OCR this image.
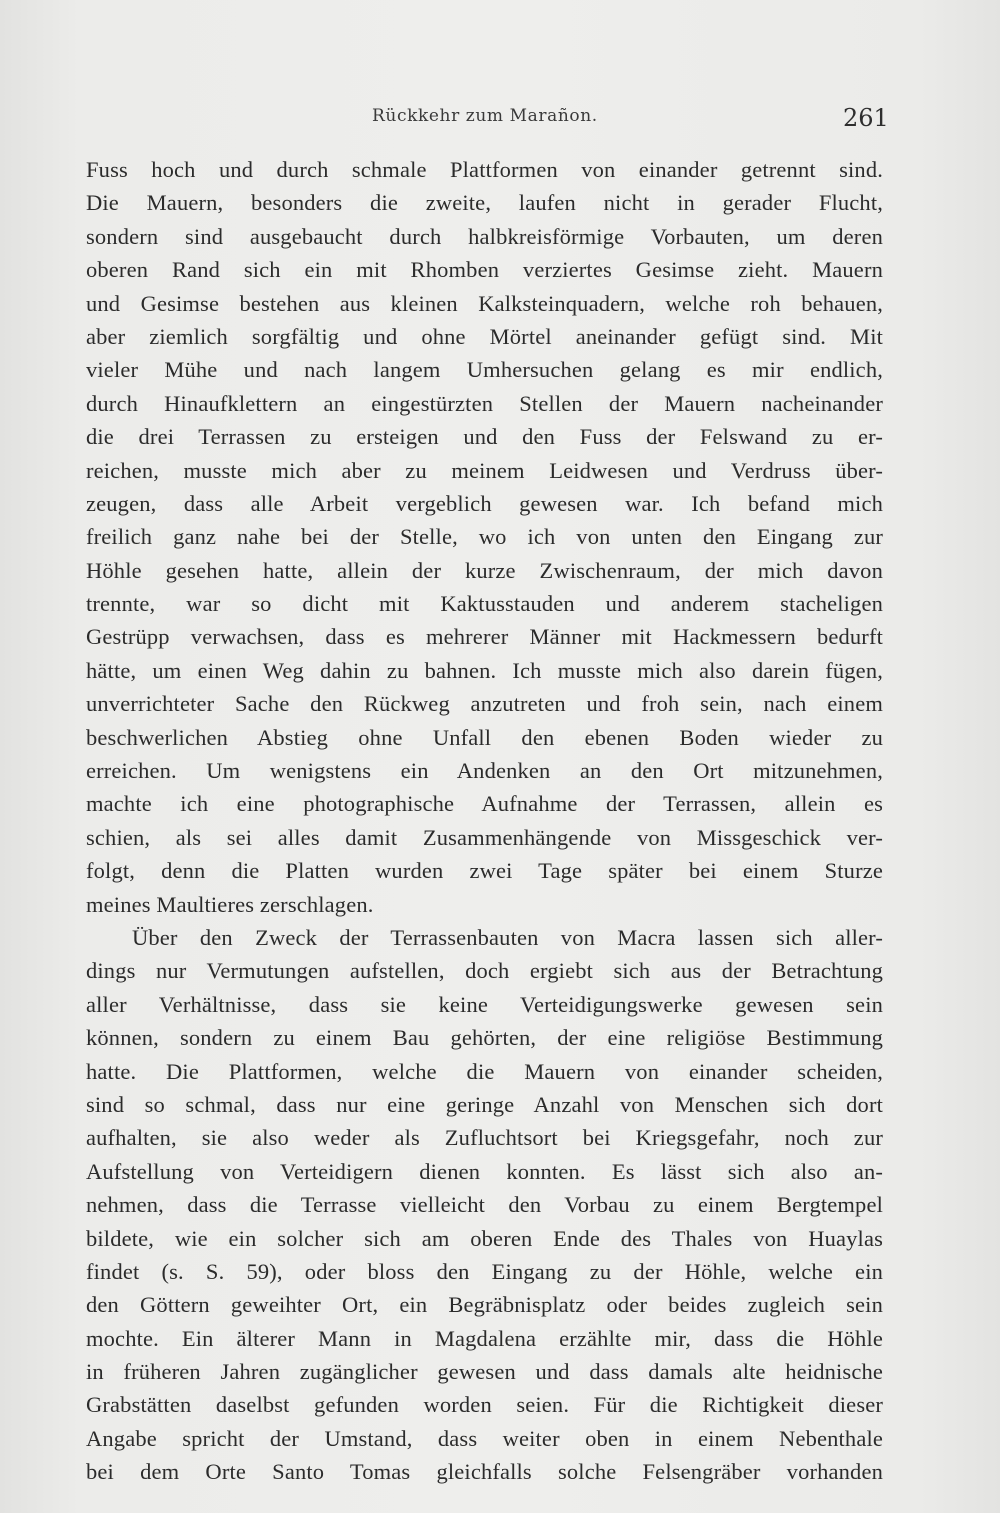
Rückkehr zum Marañon.	261
Fuss hoch und durch schmale Plattformen von einander getrennt sind.
Die Mauern, besonders die zweite, laufen nicht in gerader Flucht,
sondern sind ausgebaucht durch halbkreisförmige Vorbauten, um deren
oberen Rand sich ein mit Rhomben verziertes Gesimse zieht. Mauern
und Gesimse bestehen aus kleinen Kalksteinquadern, welche roh behauen,
aber ziemlich sorgfältig und ohne Mörtel aneinander gefügt sind. Mit
vieler Mühe und nach langem Umhersuchen gelang es mir endlich,
durch Hinaufklettern an eingestürzten Stellen der Mauern nacheinander
die drei Terrassen zu ersteigen und den Fuss der Felswand zu er-
reichen, musste mich aber zu meinem Leidwesen und Verdruss über-
zeugen, dass alle Arbeit vergeblich gewesen war. Ich befand mich
freilich ganz nahe bei der Stelle, wo ich von unten den Eingang zur
Höhle gesehen hatte, allein der kurze Zwischenraum, der mich davon
trennte, war so dicht mit Kaktusstauden und anderem stacheligen
Gestrüpp verwachsen, dass es mehrerer Männer mit Hackmessern bedurft
hätte, um einen Weg dahin zu bahnen. Ich musste mich also darein fügen,
unverrichteter Sache den Rückweg anzutreten und froh sein, nach einem
beschwerlichen Abstieg ohne Unfall den ebenen Boden wieder zu
erreichen. Um wenigstens ein Andenken an den Ort mitzunehmen,
machte ich eine photographische Aufnahme der Terrassen, allein es
schien, als sei alles damit Zusammenhängende von Missgeschick ver-
folgt, denn die Platten wurden zwei Tage später bei einem Sturze
meines Maultieres zerschlagen.
Über den Zweck der Terrassenbauten von Macra lassen sich aller-
dings nur Vermutungen aufstellen, doch ergiebt sich aus der Betrachtung
aller Verhältnisse, dass sie keine Verteidigungswerke gewesen sein
können, sondern zu einem Bau gehörten, der eine religiöse Bestimmung
hatte. Die Plattformen, welche die Mauern von einander scheiden,
sind so schmal, dass nur eine geringe Anzahl von Menschen sich dort
aufhalten, sie also weder als Zufluchtsort bei Kriegsgefahr, noch zur
Aufstellung von Verteidigern dienen konnten. Es lässt sich also an-
nehmen, dass die Terrasse vielleicht den Vorbau zu einem Bergtempel
bildete, wie ein solcher sich am oberen Ende des Thales von Huaylas
findet (s. S. 59), oder bloss den Eingang zu der Höhle, welche ein
den Göttern geweihter Ort, ein Begräbnisplatz oder beides zugleich sein
mochte. Ein älterer Mann in Magdalena erzählte mir, dass die Höhle
in früheren Jahren zugänglicher gewesen und dass damals alte heidnische
Grabstätten daselbst gefunden worden seien. Für die Richtigkeit dieser
Angabe spricht der Umstand, dass weiter oben in einem Nebenthale
bei dem Orte Santo Tomas gleichfalls solche Felsengräber vorhanden
